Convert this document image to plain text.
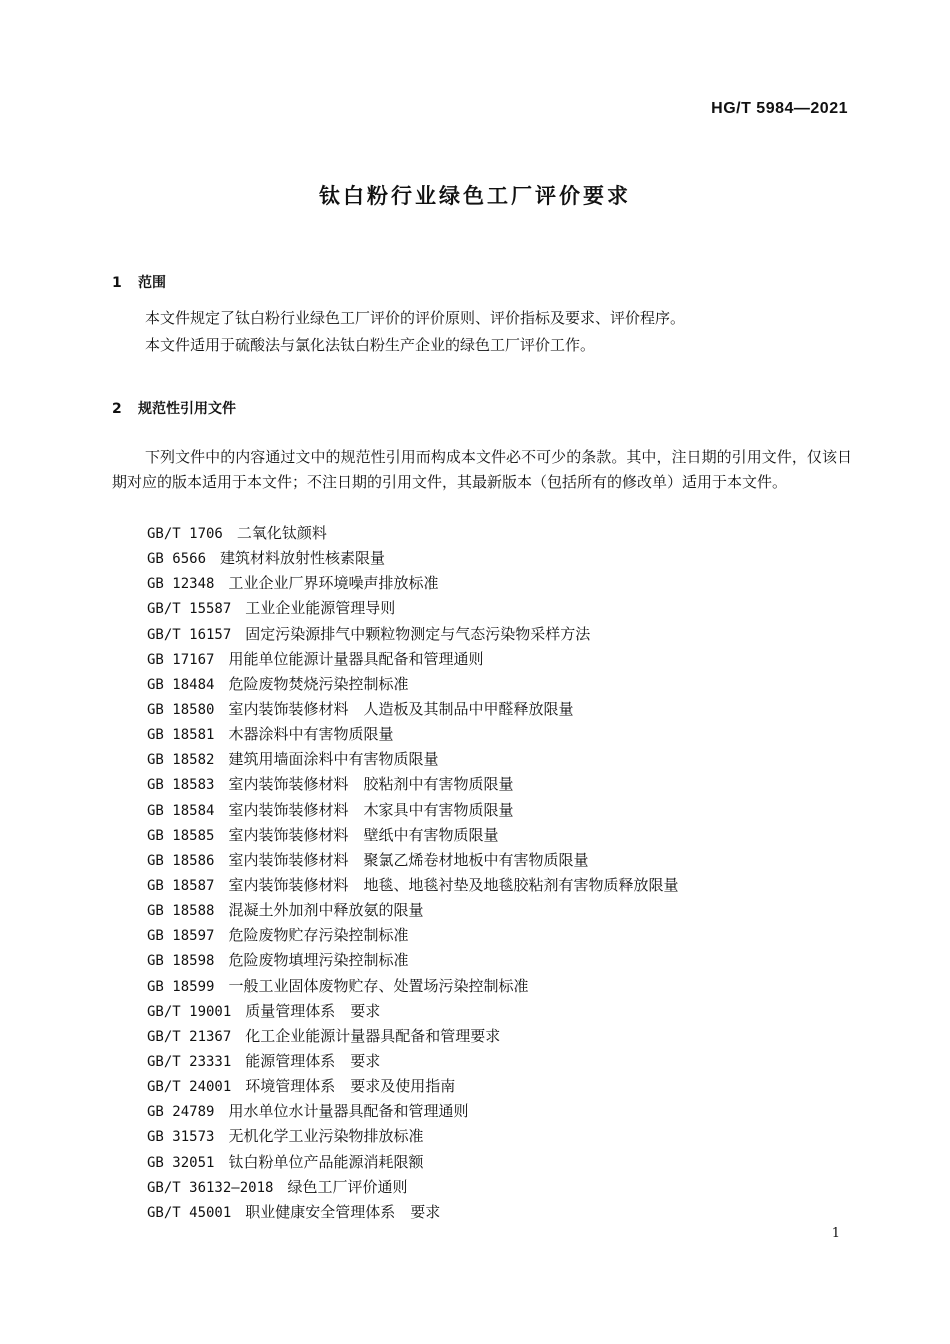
HG/T 5984—2021
钛白粉行业绿色工厂评价要求
1 范围

本文件规定了钛白粉行业绿色工厂评价的评价原则、评价指标及要求、评价程序。

本文件适用于硫酸法与氯化法钛白粉生产企业的绿色工厂评价工作。

2 规范性引用文件

下列文件中的内容通过文中的规范性引用而构成本文件必不可少的条款。其中，注日期的引用文件，仅该日期对应的版本适用于本文件；不注日期的引用文件，其最新版本（包括所有的修改单）适用于本文件。

GB/T 1706 二氧化钛颜料
GB 6566 建筑材料放射性核素限量
GB 12348 工业企业厂界环境噪声排放标准
GB/T 15587 工业企业能源管理导则
GB/T 16157 固定污染源排气中颗粒物测定与气态污染物采样方法
GB 17167 用能单位能源计量器具配备和管理通则
GB 18484 危险废物焚烧污染控制标准
GB 18580 室内装饰装修材料　人造板及其制品中甲醛释放限量
GB 18581 木器涂料中有害物质限量
GB 18582 建筑用墙面涂料中有害物质限量
GB 18583 室内装饰装修材料　胶粘剂中有害物质限量
GB 18584 室内装饰装修材料　木家具中有害物质限量
GB 18585 室内装饰装修材料　壁纸中有害物质限量
GB 18586 室内装饰装修材料　聚氯乙烯卷材地板中有害物质限量
GB 18587 室内装饰装修材料　地毯、地毯衬垫及地毯胶粘剂有害物质释放限量
GB 18588 混凝土外加剂中释放氨的限量
GB 18597 危险废物贮存污染控制标准
GB 18598 危险废物填埋污染控制标准
GB 18599 一般工业固体废物贮存、处置场污染控制标准
GB/T 19001 质量管理体系　要求
GB/T 21367 化工企业能源计量器具配备和管理要求
GB/T 23331 能源管理体系　要求
GB/T 24001 环境管理体系　要求及使用指南
GB 24789 用水单位水计量器具配备和管理通则
GB 31573 无机化学工业污染物排放标准
GB 32051 钛白粉单位产品能源消耗限额
GB/T 36132—2018 绿色工厂评价通则
GB/T 45001 职业健康安全管理体系　要求
1
